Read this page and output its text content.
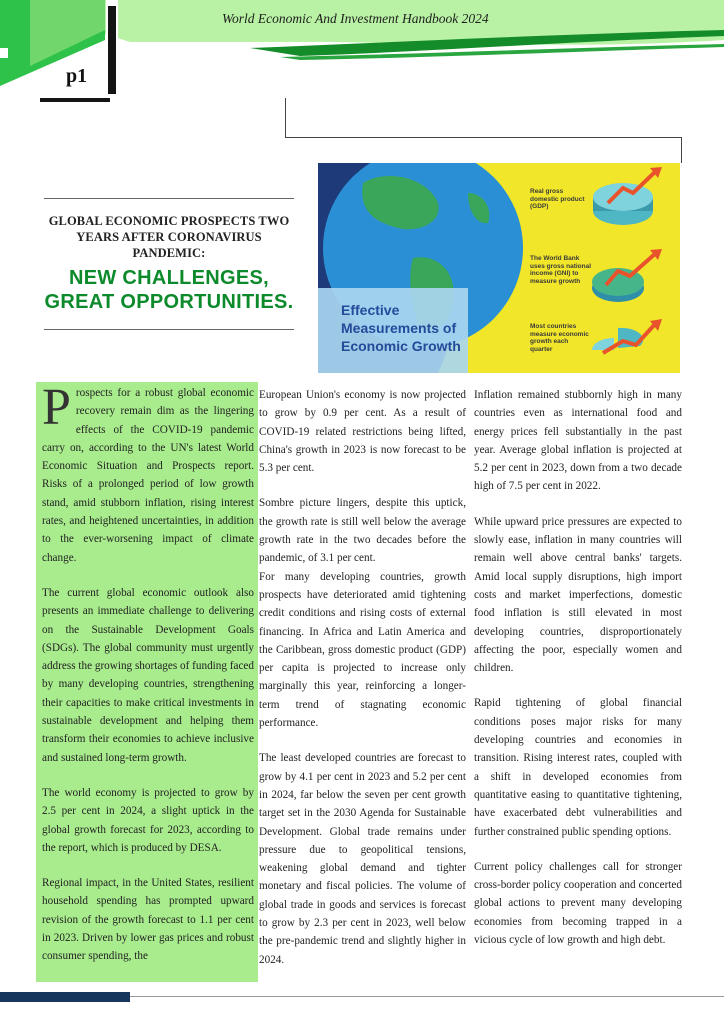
World Economic And Investment Handbook 2024
p1
GLOBAL ECONOMIC PROSPECTS TWO YEARS AFTER CORONAVIRUS PANDEMIC:
NEW CHALLENGES, GREAT OPPORTUNITIES.	Effective Measurements of Economic Growth
Real gross domestic product (GDP)
The World Bank uses gross national income (GNI) to measure growth
Most countries measure economic growth each quarter

Prospects for a robust global economic recovery remain dim as the lingering effects of the COVID-19 pandemic carry on, according to the UN's latest World Economic Situation and Prospects report. Risks of a prolonged period of low growth stand, amid stubborn inflation, rising interest rates, and heightened uncertainties, in addition to the ever-worsening impact of climate change.

The current global economic outlook also presents an immediate challenge to delivering on the Sustainable Development Goals (SDGs). The global community must urgently address the growing shortages of funding faced by many developing countries, strengthening their capacities to make critical investments in sustainable development and helping them transform their economies to achieve inclusive and sustained long-term growth.

The world economy is projected to grow by 2.5 per cent in 2024, a slight uptick in the global growth forecast for 2023, according to the report, which is produced by DESA.

Regional impact, in the United States, resilient household spending has prompted upward revision of the growth forecast to 1.1 per cent in 2023. Driven by lower gas prices and robust consumer spending, the

European Union's economy is now projected to grow by 0.9 per cent. As a result of COVID-19 related restrictions being lifted, China's growth in 2023 is now forecast to be 5.3 per cent.

Sombre picture lingers, despite this uptick, the growth rate is still well below the average growth rate in the two decades before the pandemic, of 3.1 per cent.

For many developing countries, growth prospects have deteriorated amid tightening credit conditions and rising costs of external financing. In Africa and Latin America and the Caribbean, gross domestic product (GDP) per capita is projected to increase only marginally this year, reinforcing a longer-term trend of stagnating economic performance.

The least developed countries are forecast to grow by 4.1 per cent in 2023 and 5.2 per cent in 2024, far below the seven per cent growth target set in the 2030 Agenda for Sustainable Development. Global trade remains under pressure due to geopolitical tensions, weakening global demand and tighter monetary and fiscal policies. The volume of global trade in goods and services is forecast to grow by 2.3 per cent in 2023, well below the pre-pandemic trend and slightly higher in 2024.

Inflation remained stubbornly high in many countries even as international food and energy prices fell substantially in the past year. Average global inflation is projected at 5.2 per cent in 2023, down from a two decade high of 7.5 per cent in 2022.

While upward price pressures are expected to slowly ease, inflation in many countries will remain well above central banks' targets. Amid local supply disruptions, high import costs and market imperfections, domestic food inflation is still elevated in most developing countries, disproportionately affecting the poor, especially women and children.

Rapid tightening of global financial conditions poses major risks for many developing countries and economies in transition. Rising interest rates, coupled with a shift in developed economies from quantitative easing to quantitative tightening, have exacerbated debt vulnerabilities and further constrained public spending options.

Current policy challenges call for stronger cross-border policy cooperation and concerted global actions to prevent many developing economies from becoming trapped in a vicious cycle of low growth and high debt.
